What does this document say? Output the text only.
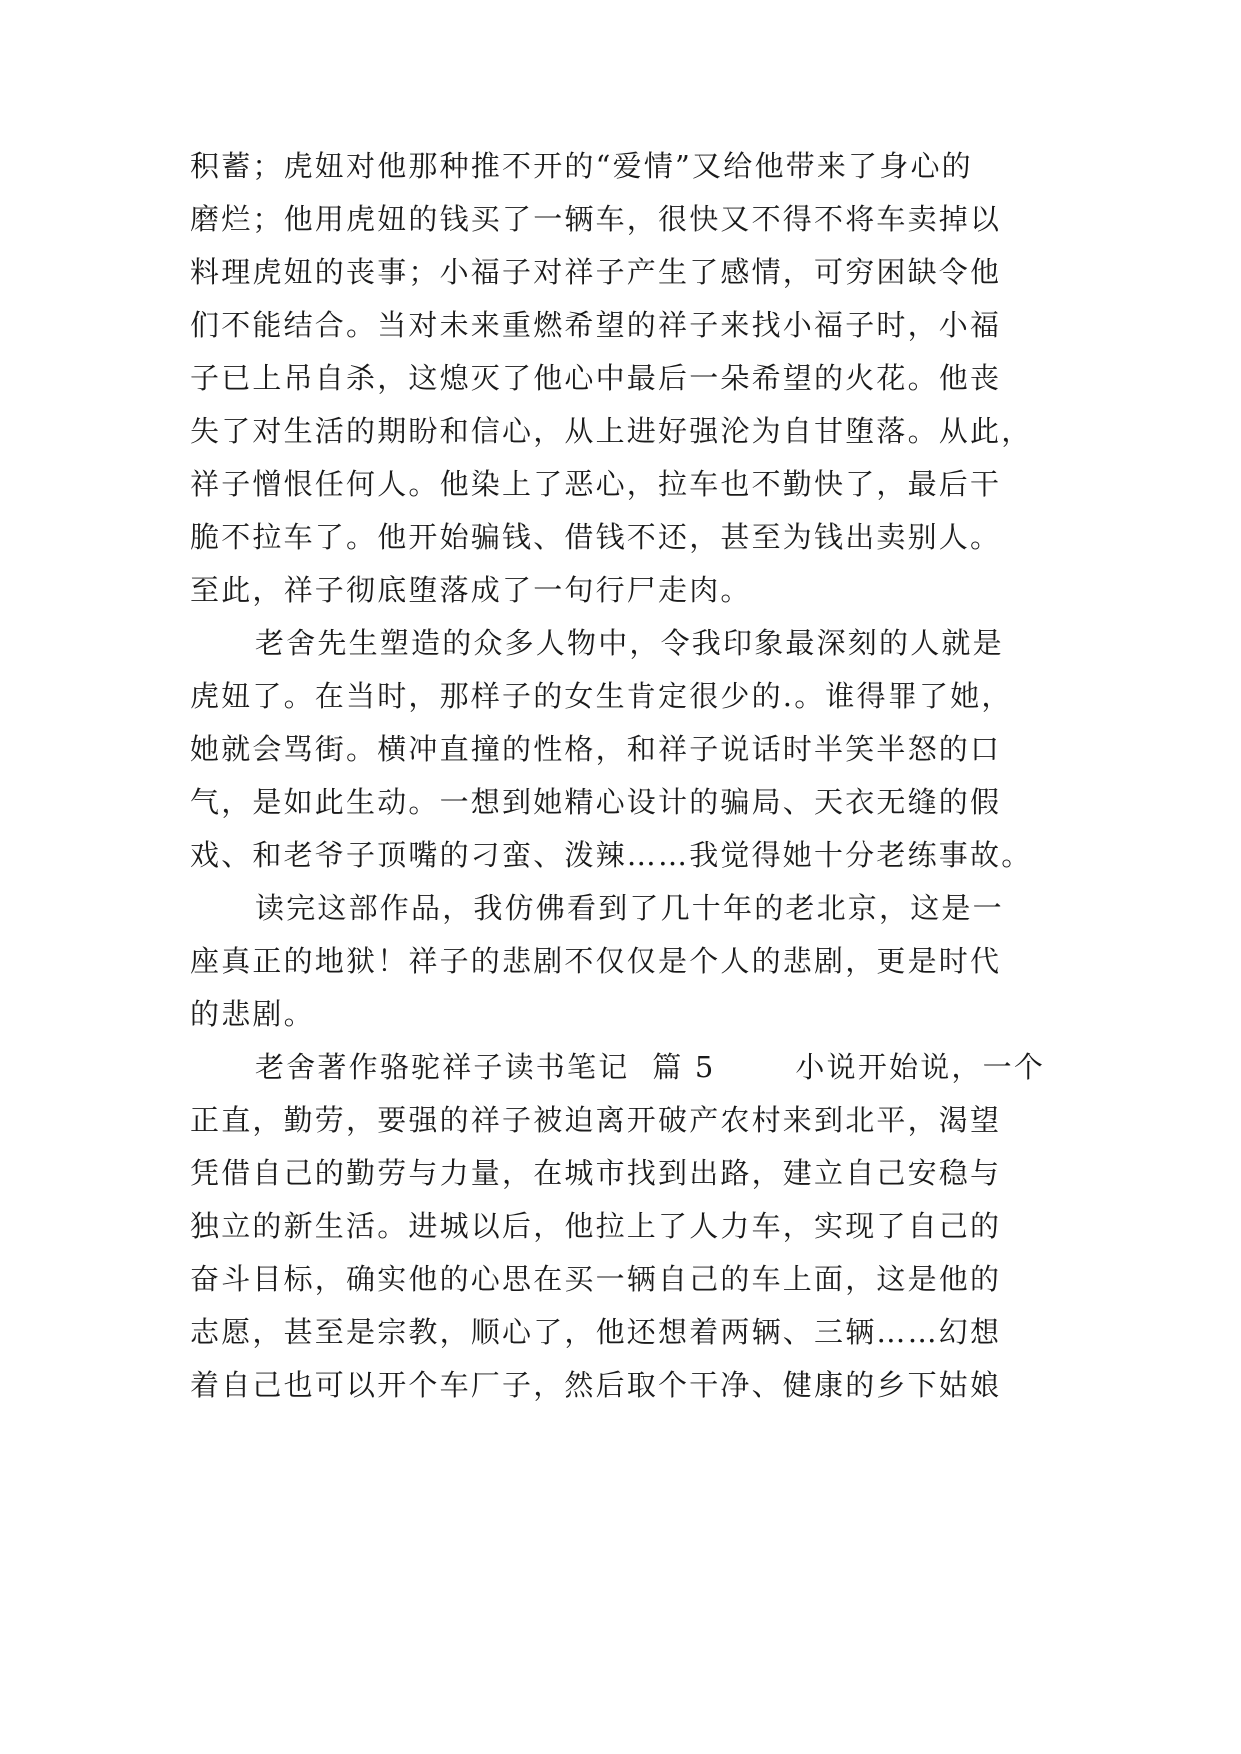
积蓄；虎妞对他那种推不开的“爱情”又给他带来了身心的
磨烂；他用虎妞的钱买了一辆车，很快又不得不将车卖掉以
料理虎妞的丧事；小福子对祥子产生了感情，可穷困缺令他
们不能结合。当对未来重燃希望的祥子来找小福子时，小福
子已上吊自杀，这熄灭了他心中最后一朵希望的火花。他丧
失了对生活的期盼和信心，从上进好强沦为自甘堕落。从此，
祥子憎恨任何人。他染上了恶心，拉车也不勤快了，最后干
脆不拉车了。他开始骗钱、借钱不还，甚至为钱出卖别人。
至此，祥子彻底堕落成了一句行尸走肉。
老舍先生塑造的众多人物中，令我印象最深刻的人就是
虎妞了。在当时，那样子的女生肯定很少的.。谁得罪了她，
她就会骂街。横冲直撞的性格，和祥子说话时半笑半怒的口
气，是如此生动。一想到她精心设计的骗局、天衣无缝的假
戏、和老爷子顶嘴的刁蛮、泼辣……我觉得她十分老练事故。
读完这部作品，我仿佛看到了几十年的老北京，这是一
座真正的地狱！祥子的悲剧不仅仅是个人的悲剧，更是时代
的悲剧。
老舍著作骆驼祥子读书笔记  篇 5       小说开始说，一个
正直，勤劳，要强的祥子被迫离开破产农村来到北平，渴望
凭借自己的勤劳与力量，在城市找到出路，建立自己安稳与
独立的新生活。进城以后，他拉上了人力车，实现了自己的
奋斗目标，确实他的心思在买一辆自己的车上面，这是他的
志愿，甚至是宗教，顺心了，他还想着两辆、三辆……幻想
着自己也可以开个车厂子，然后取个干净、健康的乡下姑娘
